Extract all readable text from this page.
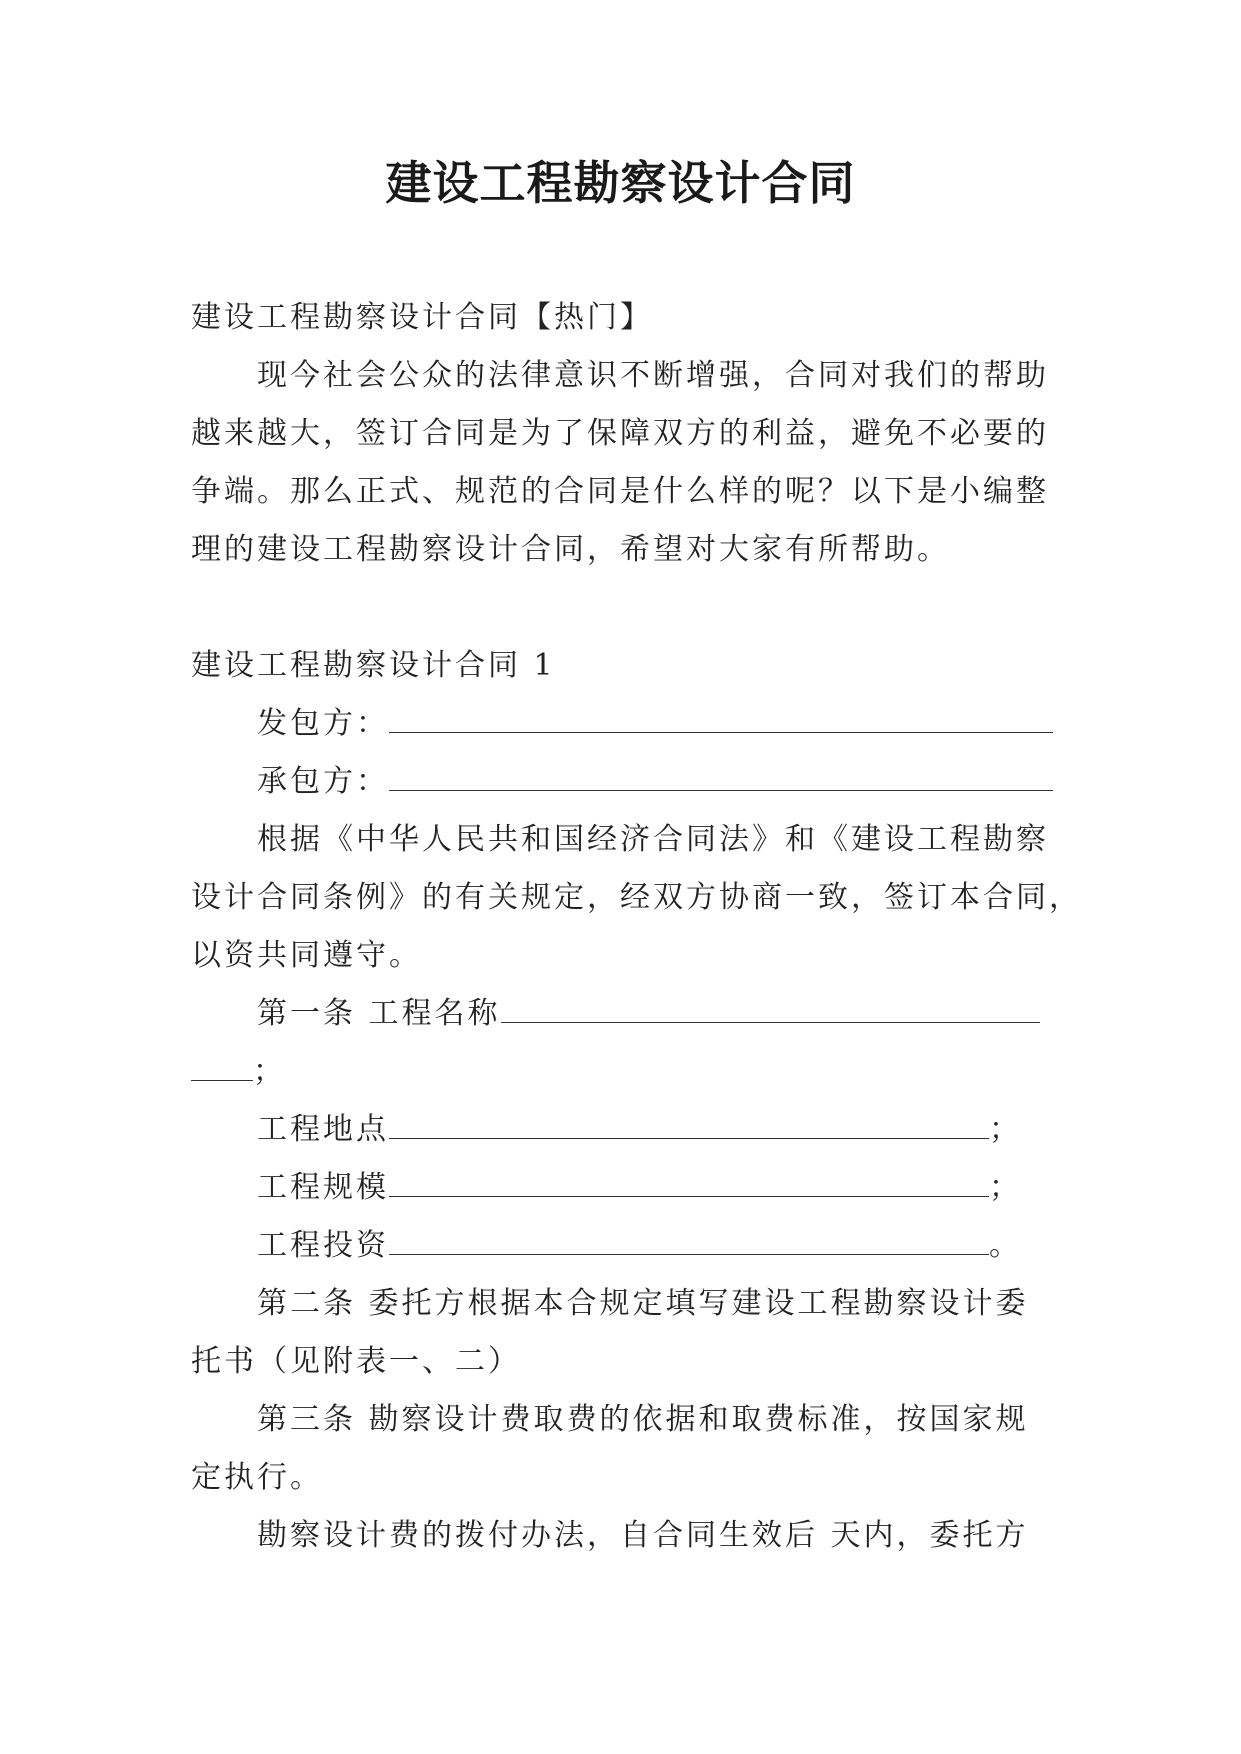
建设工程勘察设计合同
建设工程勘察设计合同【热门】
现今社会公众的法律意识不断增强，合同对我们的帮助
越来越大，签订合同是为了保障双方的利益，避免不必要的
争端。那么正式、规范的合同是什么样的呢？以下是小编整
理的建设工程勘察设计合同，希望对大家有所帮助。
建设工程勘察设计合同 1
发包方：
承包方：
根据《中华人民共和国经济合同法》和《建设工程勘察
设计合同条例》的有关规定，经双方协商一致，签订本合同，
以资共同遵守。
第一条 工程名称
；
工程地点	；
工程规模	；
工程投资	。
第二条 委托方根据本合规定填写建设工程勘察设计委
托书（见附表一、二）
第三条 勘察设计费取费的依据和取费标准，按国家规
定执行。
勘察设计费的拨付办法，自合同生效后 天内，委托方
